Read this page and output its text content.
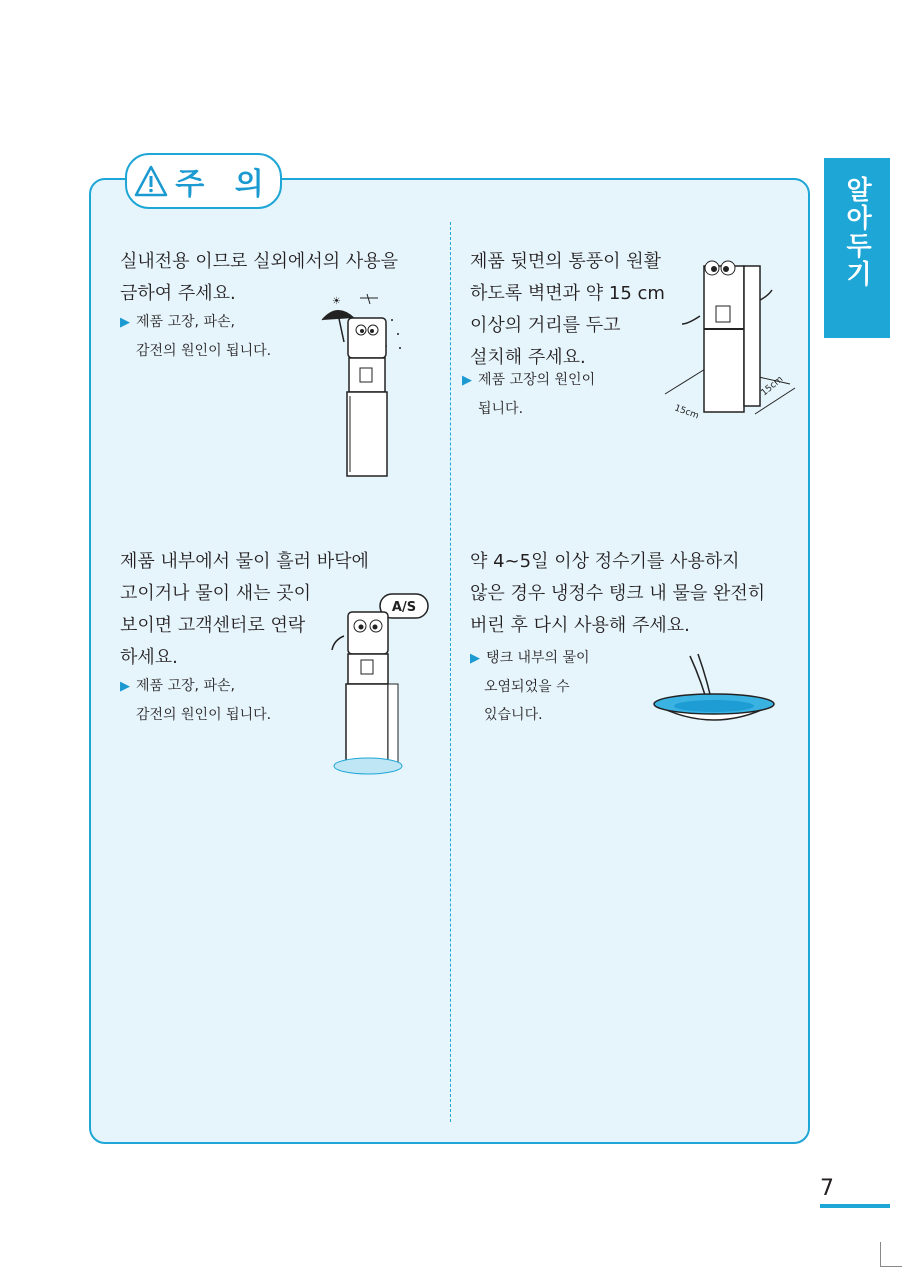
알아두기
주 의
실내전용 이므로 실외에서의 사용을
금하여 주세요.
▶ 제품 고장, 파손,
감전의 원인이 됩니다.
☀
제품 뒷면의 통풍이 원활
하도록 벽면과 약 15 cm
이상의 거리를 두고
설치해 주세요.
▶ 제품 고장의 원인이
됩니다.	15cm
15cm
제품 내부에서 물이 흘러 바닥에
고이거나 물이 새는 곳이
보이면 고객센터로 연락
하세요.
▶ 제품 고장, 파손,
감전의 원인이 됩니다.
A/S
약 4~5일 이상 정수기를 사용하지
않은 경우 냉정수 탱크 내 물을 완전히
버린 후 다시 사용해 주세요.
▶ 탱크 내부의 물이
오염되었을 수
있습니다.
7
